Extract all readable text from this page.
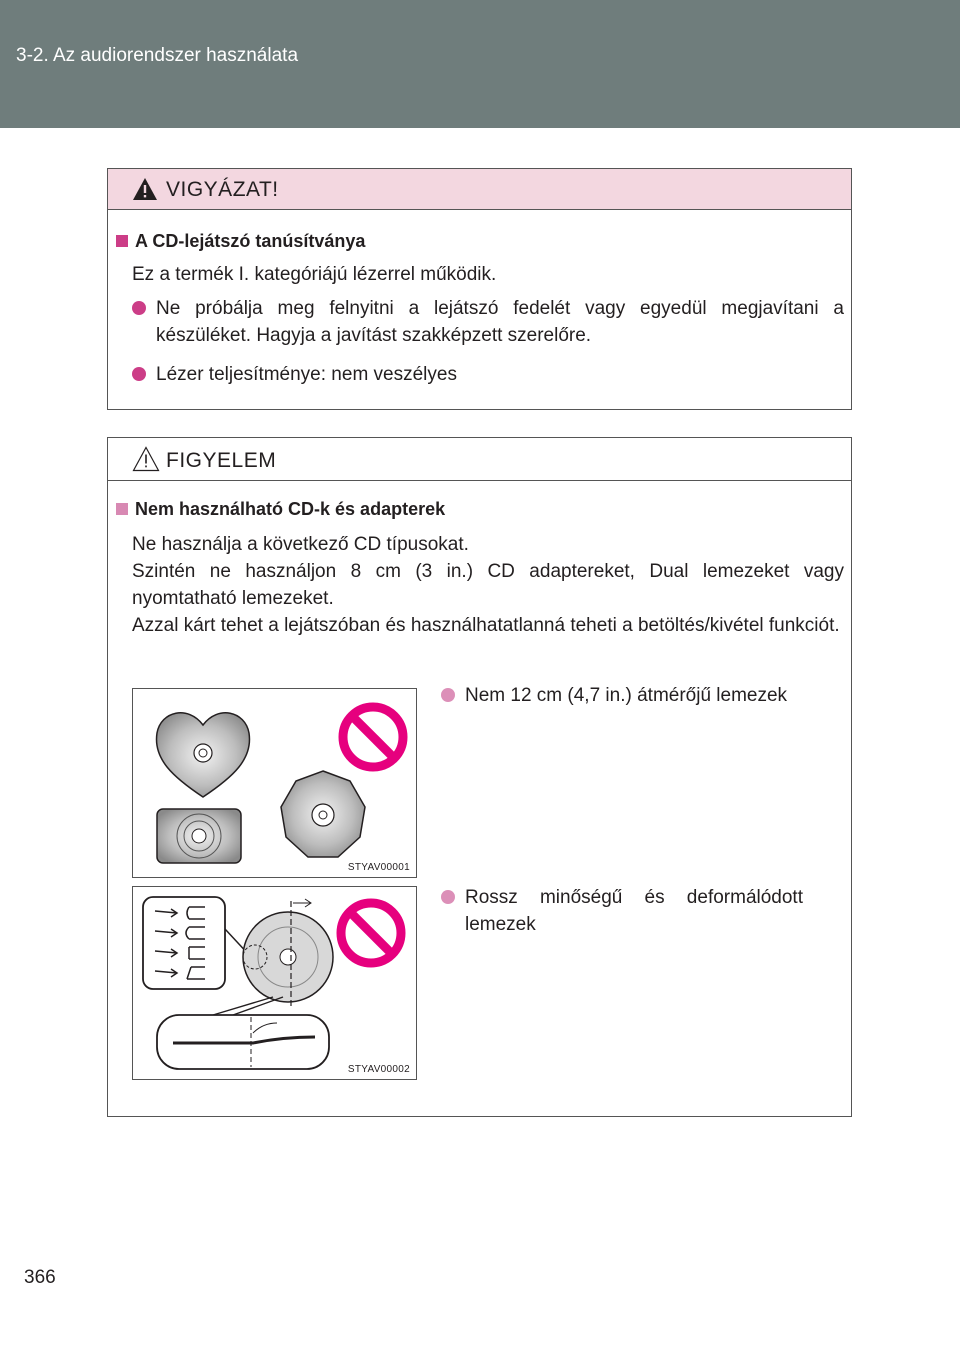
3-2. Az audiorendszer használata
VIGYÁZAT!
A CD-lejátszó tanúsítványa
Ez a termék I. kategóriájú lézerrel működik.
Ne próbálja meg felnyitni a lejátszó fedelét vagy egyedül megjavítani a készüléket. Hagyja a javítást szakképzett szerelőre.
Lézer teljesítménye: nem veszélyes
FIGYELEM
Nem használható CD-k és adapterek
Ne használja a következő CD típusokat.
Szintén ne használjon 8 cm (3 in.) CD adaptereket, Dual lemezeket vagy nyomtatható lemezeket.
Azzal kárt tehet a lejátszóban és használhatatlanná teheti a betöltés/kivétel funkciót.
STYAV00001
Nem 12 cm (4,7 in.) átmérőjű lemezek
STYAV00002
Rossz minőségű és deformálódott lemezek
366
